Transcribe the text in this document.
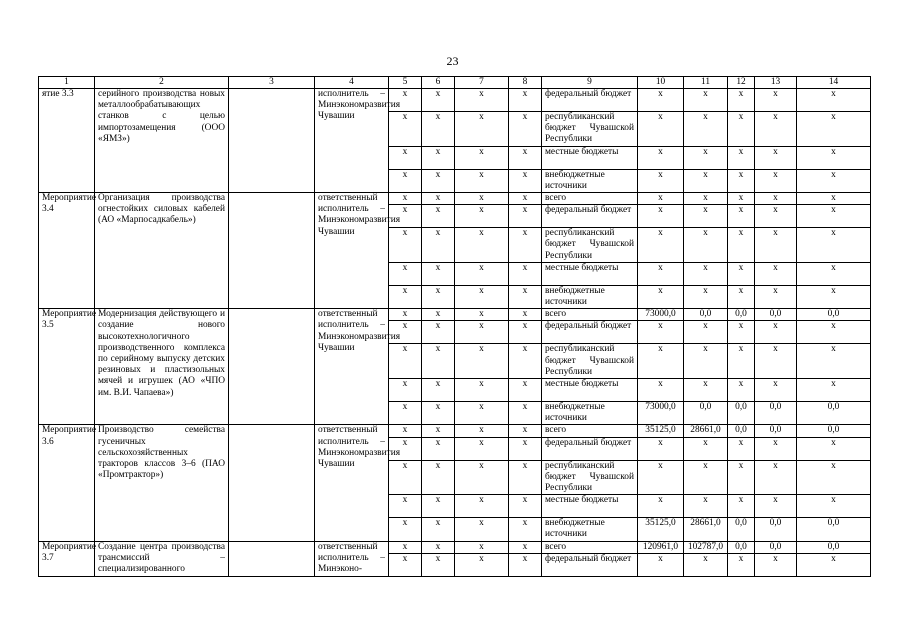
23
1	2	3	4	5	6	7	8	9	10	11	12	13	14
ятие 3.3	серийного производства новых металлообрабатывающих станков с целью импортозамещения (ООО «ЯМЗ»)		исполнитель – Минэкономразвития Чувашии	х	х	х	х	федеральный бюджет	х	х	х	х	х
				х	х	х	х	республиканский бюджет Чувашской Республики	х	х	х	х	х
				х	х	х	х	местные бюджеты	х	х	х	х	х
				х	х	х	х	внебюджетные источники	х	х	х	х	х
Мероприятие 3.4	Организация производства огнестойких силовых кабелей (АО «Марпосадкабель»)		ответственный исполнитель – Минэкономразвития Чувашии	х	х	х	х	всего	х	х	х	х	х
				х	х	х	х	федеральный бюджет	х	х	х	х	х
				х	х	х	х	республиканский бюджет Чувашской Республики	х	х	х	х	х
				х	х	х	х	местные бюджеты	х	х	х	х	х
				х	х	х	х	внебюджетные источники	х	х	х	х	х
Мероприятие 3.5	Модернизация действующего и создание нового высокотехнологичного производственного комплекса по серийному выпуску детских резиновых и пластизольных мячей и игрушек (АО «ЧПО им. В.И. Чапаева»)		ответственный исполнитель – Минэкономразвития Чувашии	х	х	х	х	всего	73000,0	0,0	0,0	0,0	0,0
				х	х	х	х	федеральный бюджет	х	х	х	х	х
				х	х	х	х	республиканский бюджет Чувашской Республики	х	х	х	х	х
				х	х	х	х	местные бюджеты	х	х	х	х	х
				х	х	х	х	внебюджетные источники	73000,0	0,0	0,0	0,0	0,0
Мероприятие 3.6	Производство семейства гусеничных сельскохозяйственных тракторов классов 3–6 (ПАО «Промтрактор»)		ответственный исполнитель – Минэкономразвития Чувашии	х	х	х	х	всего	35125,0	28661,0	0,0	0,0	0,0
				х	х	х	х	федеральный бюджет	х	х	х	х	х
				х	х	х	х	республиканский бюджет Чувашской Республики	х	х	х	х	х
				х	х	х	х	местные бюджеты	х	х	х	х	х
				х	х	х	х	внебюджетные источники	35125,0	28661,0	0,0	0,0	0,0
Мероприятие 3.7	Создание центра производства трансмиссий – специализированного		ответственный исполнитель – Минэконо-	х	х	х	х	всего	120961,0	102787,0	0,0	0,0	0,0
				х	х	х	х	федеральный бюджет	х	х	х	х	х
